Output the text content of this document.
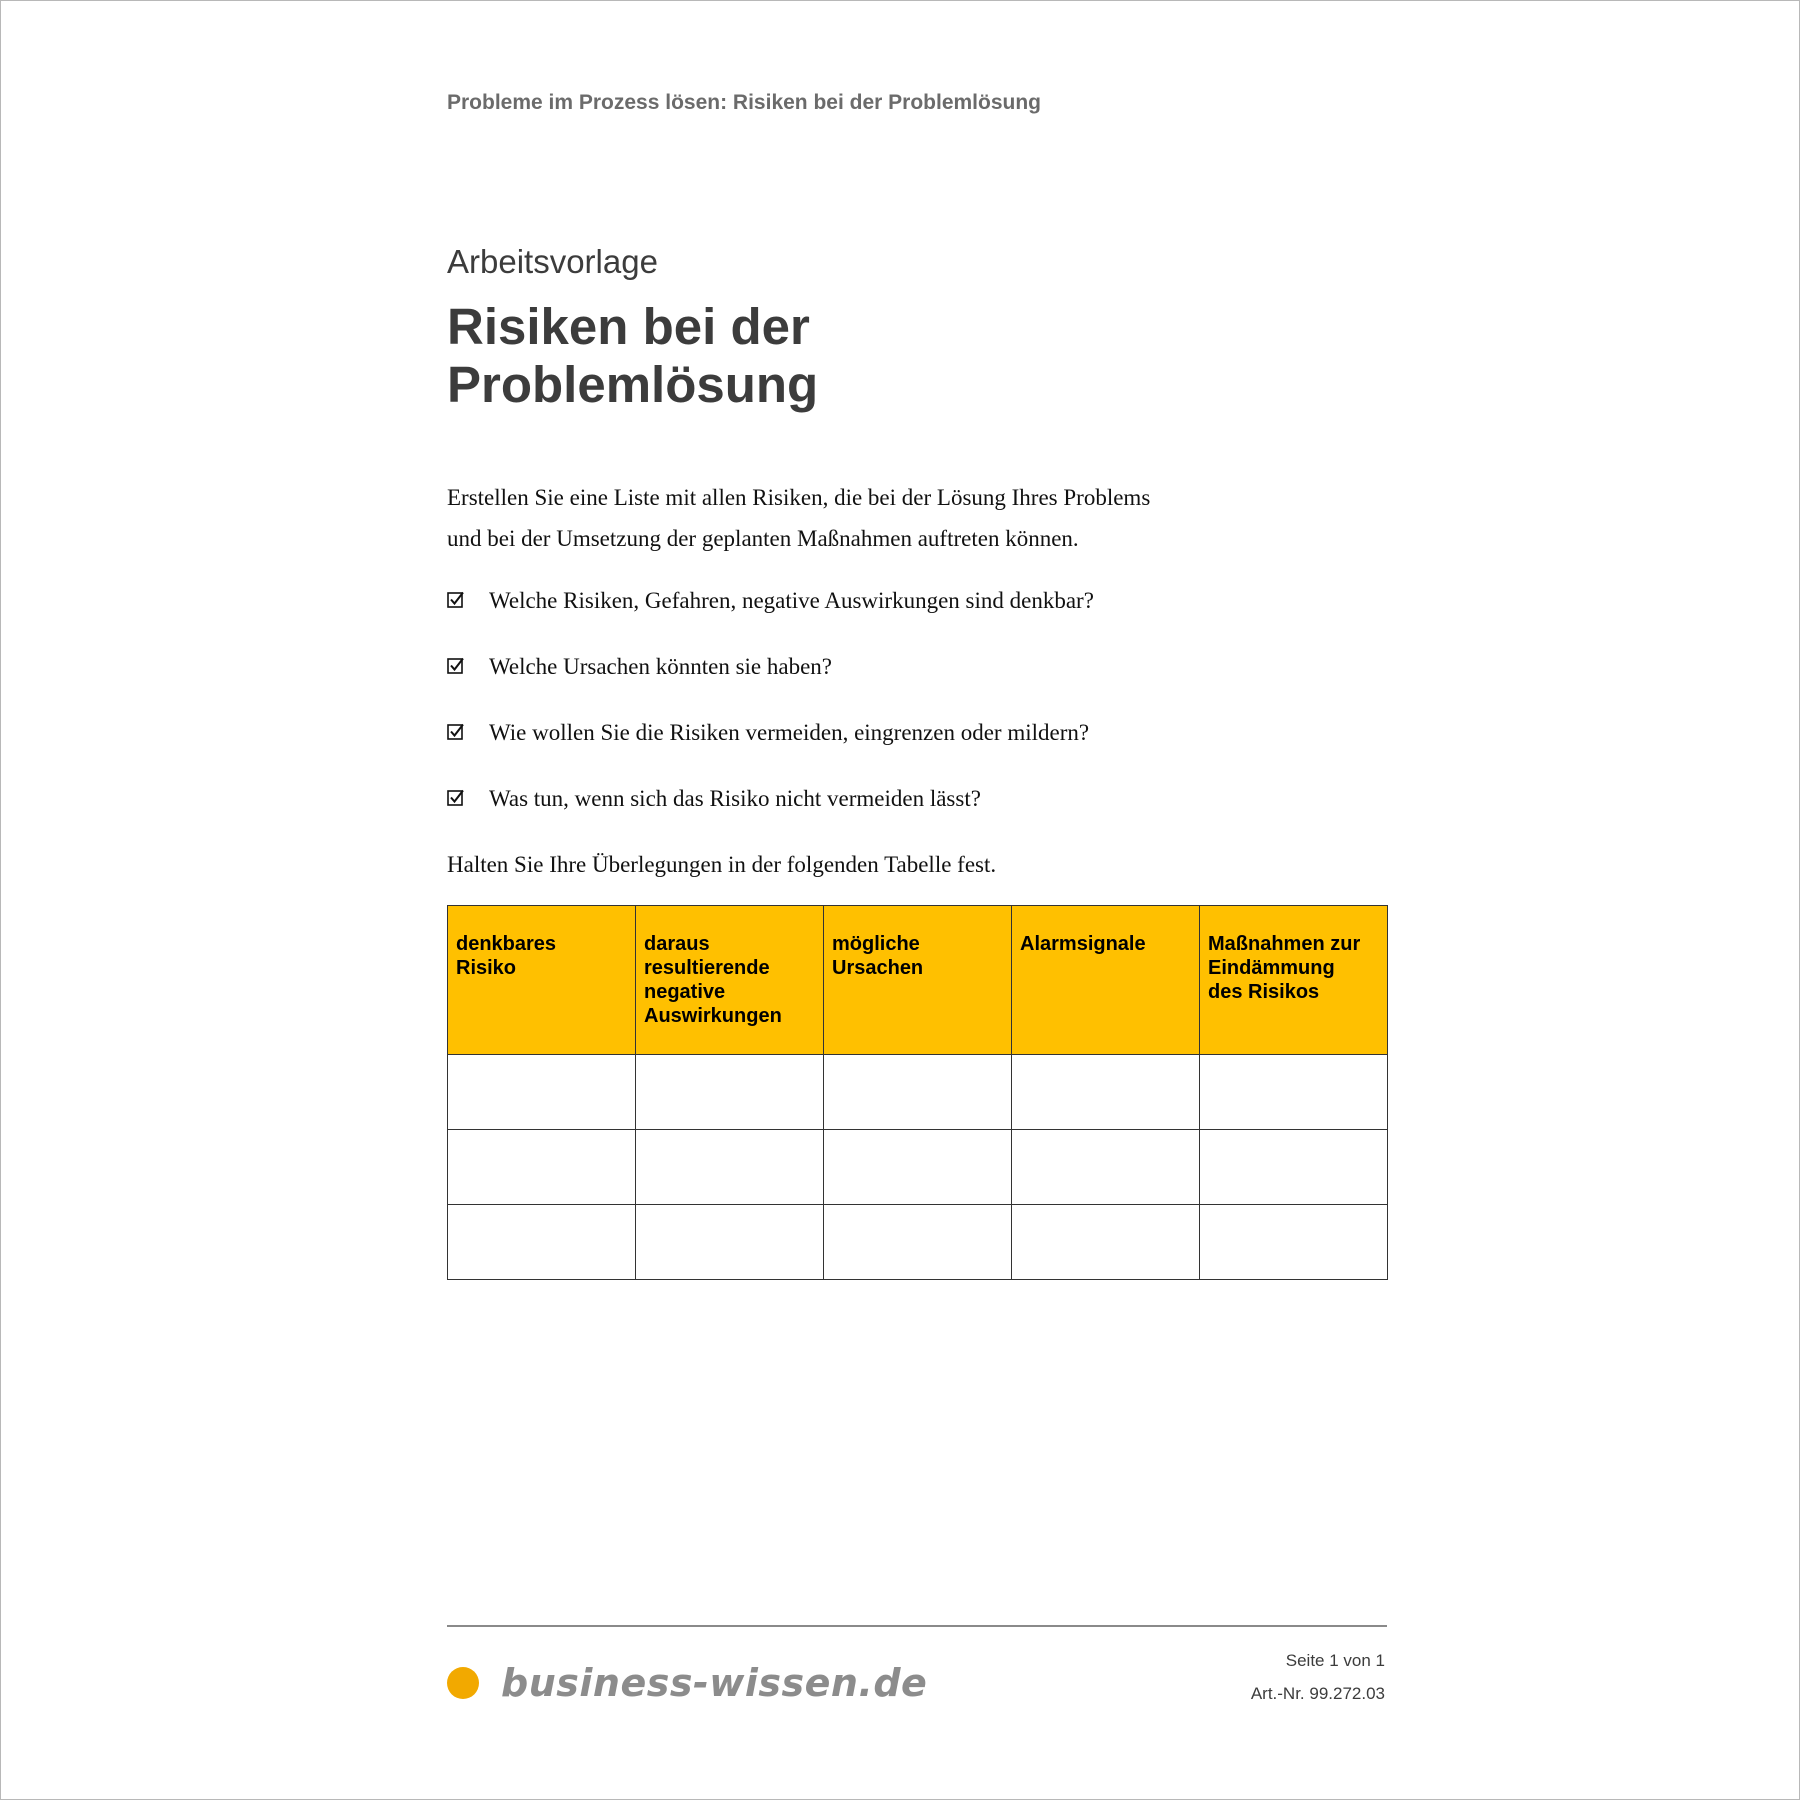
Probleme im Prozess lösen: Risiken bei der Problemlösung
Arbeitsvorlage
Risiken bei der
Problemlösung

Erstellen Sie eine Liste mit allen Risiken, die bei der Lösung Ihres Problems
und bei der Umsetzung der geplanten Maßnahmen auftreten können.

Welche Risiken, Gefahren, negative Auswirkungen sind denkbar?
Welche Ursachen könnten sie haben?
Wie wollen Sie die Risiken vermeiden, eingrenzen oder mildern?
Was tun, wenn sich das Risiko nicht vermeiden lässt?
Halten Sie Ihre Überlegungen in der folgenden Tabelle fest.
denkbares
Risiko	daraus
resultierende
negative
Auswirkungen	mögliche
Ursachen	Alarmsignale	Maßnahmen zur
Eindämmung
des Risikos

business-wissen.de
Seite 1 von 1
Art.-Nr. 99.272.03
